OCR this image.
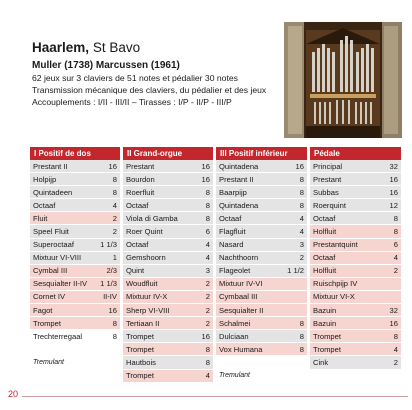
Haarlem, St Bavo
Muller (1738) Marcussen (1961)
62 jeux sur 3 claviers de 51 notes et pédalier 30 notes
Transmission mécanique des claviers, du pédalier et des jeux
Accouplements : I/II - III/II – Tirasses : I/P - II/P - III/P
I Positif de dos	II Grand-orgue	III Positif inférieur	Pédale
Prestant II	16
Holpijp	8
Quintadeen	8
Octaaf	4
Fluit	2
Speel Fluit	2
Superoctaaf	1 1/3
Mixtuur VI-VIII	1
Cymbal III	2/3
Sesquialter II-IV 1 1/3
Cornet IV	II-IV
Fagot	16
Trompet	8
Trechterregaal	8
Tremulant
Prestant	16
Bourdon	16
Roerfluit	8
Octaaf	8
Viola di Gamba	8
Roer Quint	6
Octaaf	4
Gemshoorn	4
Quint	3
Woudfluit	2
Mixtuur IV-X	2
Sherp VI-VIII	2
Tertiaan II	2
Trompet	16
Trompet	8
Hautbois	8
Trompet	4
Quintadena	16
Prestant II	8
Baarpijp	8
Quintadena	8
Octaaf	4
Flagfluit	4
Nasard	3
Nachthoorn	2
Flageolet	1 1/2
Mixtuur IV-VI
Cymbaal III
Sesquialter II
Schalmei	8
Dulciaan	8
Vox Humana	8
Tremulant
Principal	32
Prestant	16
Subbas	16
Roerquint	12
Octaaf	8
Holfluit	8
Prestantquint	6
Octaaf	4
Holfluit	2
Ruischpijp IV
Mixtuur VI-X
Bazuin	32
Bazuin	16
Trompet	8
Trompet	4
Cink	2
20
